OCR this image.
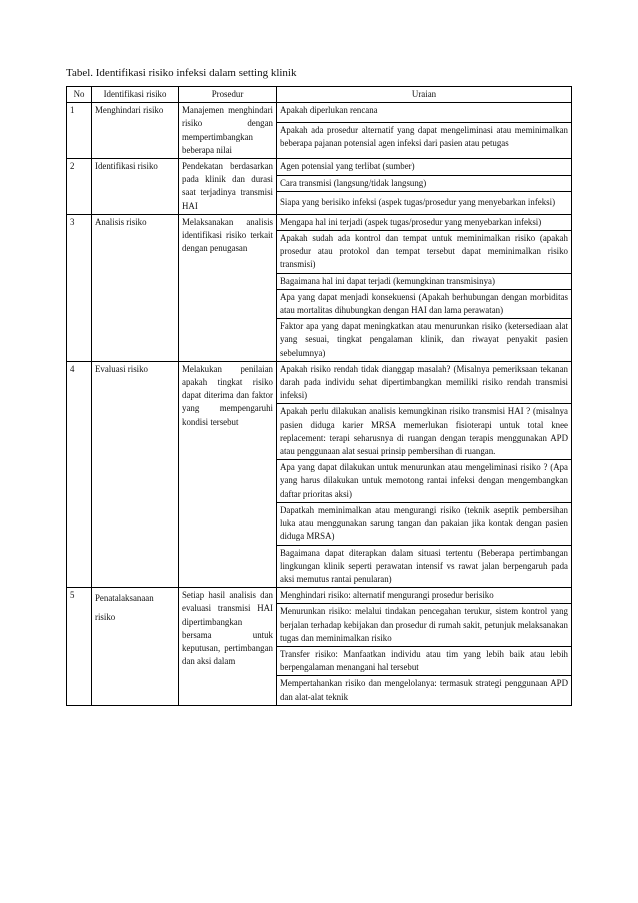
Tabel. Identifikasi risiko infeksi dalam setting klinik
No	Identifikasi risiko	Prosedur	Uraian
1	Menghindari risiko	Manajemen menghindari risiko dengan mempertimbangkan beberapa nilai	Apakah diperlukan rencana
			Apakah ada prosedur alternatif yang dapat mengeliminasi atau meminimalkan beberapa pajanan potensial agen infeksi dari pasien atau petugas
2	Identifikasi risiko	Pendekatan berdasarkan pada klinik dan durasi saat terjadinya transmisi HAI	Agen potensial yang terlibat (sumber)
			Cara transmisi (langsung/tidak langsung)
			Siapa yang berisiko infeksi (aspek tugas/prosedur yang menyebarkan infeksi)
3	Analisis risiko	Melaksanakan analisis identifikasi risiko terkait dengan penugasan	Mengapa hal ini terjadi (aspek tugas/prosedur yang menyebarkan infeksi)
			Apakah sudah ada kontrol dan tempat untuk meminimalkan risiko (apakah prosedur atau protokol dan tempat tersebut dapat meminimalkan risiko transmisi)
			Bagaimana hal ini dapat terjadi (kemungkinan transmisinya)
			Apa yang dapat menjadi konsekuensi (Apakah berhubungan dengan morbiditas atau mortalitas dihubungkan dengan HAI dan lama perawatan)
			Faktor apa yang dapat meningkatkan atau menurunkan risiko (ketersediaan alat yang sesuai, tingkat pengalaman klinik, dan riwayat penyakit pasien sebelumnya)
4	Evaluasi risiko	Melakukan penilaian apakah tingkat risiko dapat diterima dan faktor yang mempengaruhi kondisi tersebut	Apakah risiko rendah tidak dianggap masalah? (Misalnya pemeriksaan tekanan darah pada individu sehat dipertimbangkan memiliki risiko rendah transmisi infeksi)
			Apakah perlu dilakukan analisis kemungkinan risiko transmisi HAI ? (misalnya pasien diduga karier MRSA memerlukan fisioterapi untuk total knee replacement: terapi seharusnya di ruangan dengan terapis menggunakan APD atau penggunaan alat sesuai prinsip pembersihan di ruangan.
			Apa yang dapat dilakukan untuk menurunkan atau mengeliminasi risiko ? (Apa yang harus dilakukan untuk memotong rantai infeksi dengan mengembangkan daftar prioritas aksi)
			Dapatkah meminimalkan atau mengurangi risiko (teknik aseptik pembersihan luka atau menggunakan sarung tangan dan pakaian jika kontak dengan pasien diduga MRSA)
			Bagaimana dapat diterapkan dalam situasi tertentu (Beberapa pertimbangan lingkungan klinik seperti perawatan intensif vs rawat jalan berpengaruh pada aksi memutus rantai penularan)
5	Penatalaksanaan risiko	Setiap hasil analisis dan evaluasi transmisi HAI dipertimbangkan bersama untuk keputusan, pertimbangan dan aksi dalam	Menghindari risiko: alternatif mengurangi prosedur berisiko
			Menurunkan risiko: melalui tindakan pencegahan terukur, sistem kontrol yang berjalan terhadap kebijakan dan prosedur di rumah sakit, petunjuk melaksanakan tugas dan meminimalkan risiko
			Transfer risiko: Manfaatkan individu atau tim yang lebih baik atau lebih berpengalaman menangani hal tersebut
			Mempertahankan risiko dan mengelolanya: termasuk strategi penggunaan APD dan alat-alat teknik
